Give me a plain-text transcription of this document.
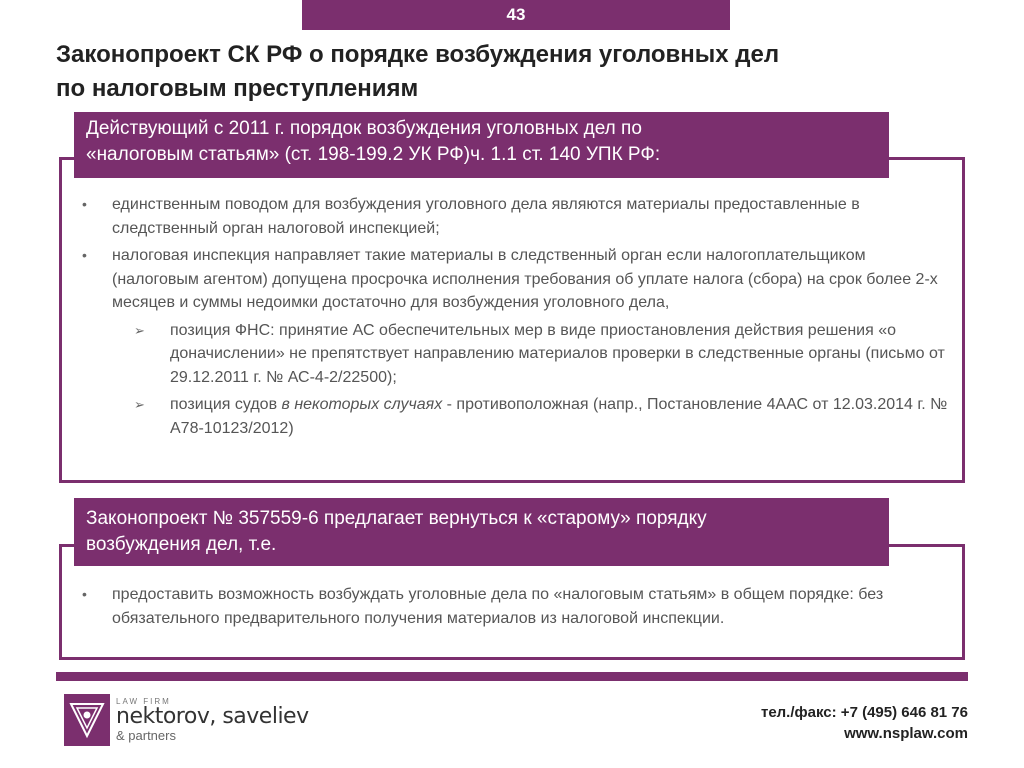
43
Законопроект СК РФ о порядке возбуждения уголовных дел
по налоговым преступлениям
Действующий с 2011 г. порядок возбуждения уголовных дел по
«налоговым статьям» (ст. 198-199.2 УК РФ)ч. 1.1 ст. 140 УПК РФ:
•	единственным поводом для возбуждения уголовного дела являются материалы предоставленные в следственный орган налоговой инспекцией;
•	налоговая инспекция направляет такие материалы в следственный орган если налогоплательщиком (налоговым агентом) допущена просрочка исполнения требования об уплате налога (сбора) на срок более 2-х месяцев и суммы недоимки достаточно для возбуждения уголовного дела,
➢	позиция ФНС: принятие АС обеспечительных мер в виде приостановления действия решения «о доначислении» не препятствует направлению материалов проверки в следственные органы (письмо от 29.12.2011 г. № АС-4-2/22500);
➢	позиция судов в некоторых случаях - противоположная (напр., Постановление 4ААС от 12.03.2014 г. № А78-10123/2012)
Законопроект № 357559-6 предлагает вернуться к «старому» порядку
возбуждения дел, т.е.
•	предоставить возможность возбуждать уголовные дела по «налоговым статьям» в общем порядке: без обязательного предварительного получения материалов из налоговой инспекции.
LAW FIRM
nektorov, saveliev
& partners
тел./факс: +7 (495) 646 81 76
www.nsplaw.com
